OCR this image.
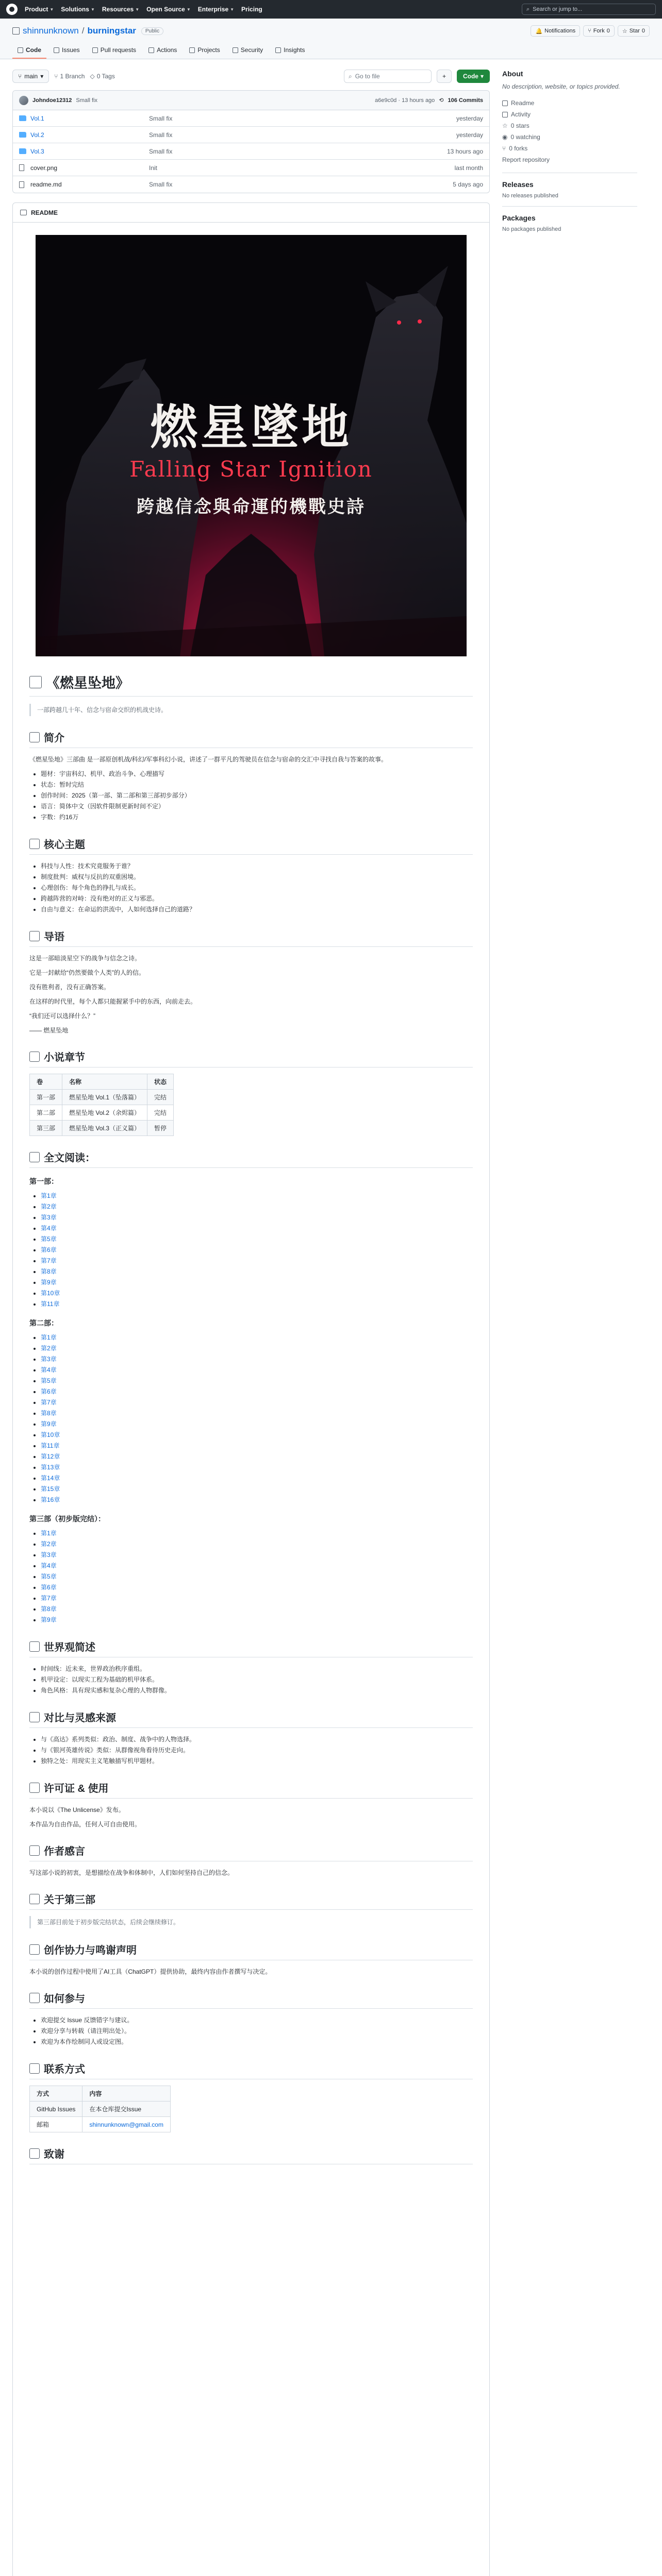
Product ▼ Solutions ▼ Resources ▼ Open Source ▼ Enterprise ▼ Pricing	⌕ Search or jump to...
shinnunknown / burningstar	Public	🔔 Notifications ⑂ Fork 0 ☆ Star 0
Code	Issues	Pull requests	Actions	Projects	Security	Insights
⑂ main ▾ ⑂ 1 Branch ◇ 0 Tags	⌕ Go to file	+	Code ▾
Johndoe12312 Small fix	a6e9c0d · 13 hours ago ⟲ 106 Commits
Vol.1	Small fix	yesterday
Vol.2	Small fix	yesterday
Vol.3	Small fix	13 hours ago
cover.png	Init	last month
readme.md	Small fix	5 days ago
README
燃星墜地
Falling Star Ignition
跨越信念與命運的機戰史詩
《燃星坠地》
一部跨越几十年、信念与宿命交织的机战史诗。
简介
《燃星坠地》三部曲 是一部原创机战/科幻/军事科幻小说，讲述了一群平凡的驾驶员在信念与宿命的交汇中寻找自我与答案的故事。
• 题材：宇宙科幻、机甲、政治斗争、心理描写
• 状态：暂时完结
• 创作时间：2025（第一部、第二部和第三部初步部分）
• 语言：简体中文（因软件限制更新时间不定）
• 字数：约16万
核心主题
• 科技与人性：技术究竟服务于谁？
• 制度批判：威权与反抗的双重困境。
• 心理创伤：每个角色的挣扎与成长。
• 跨越阵营的对峙：没有绝对的正义与邪恶。
• 自由与意义：在命运的洪流中，人如何选择自己的道路？
导语
这是一部暗淡星空下的战争与信念之诗。
它是一封献给“仍然要做个人类”的人的信。
没有胜利者，没有正确答案。
在这样的时代里，每个人都只能握紧手中的东西，向前走去。
“我们还可以选择什么？”
—— 燃星坠地
小说章节
卷	名称	状态
第一部	燃星坠地 Vol.1（坠落篇）	完结
第二部	燃星坠地 Vol.2（余烬篇）	完结
第三部	燃星坠地 Vol.3（正义篇）	暂停
全文阅读：
第一部：
• 第1章
• 第2章
• 第3章
• 第4章
• 第5章
• 第6章
• 第7章
• 第8章
• 第9章
• 第10章
• 第11章
第二部：
• 第1章
• 第2章
• 第3章
• 第4章
• 第5章
• 第6章
• 第7章
• 第8章
• 第9章
• 第10章
• 第11章
• 第12章
• 第13章
• 第14章
• 第15章
• 第16章
第三部（初步版完结）：
• 第1章
• 第2章
• 第3章
• 第4章
• 第5章
• 第6章
• 第7章
• 第8章
• 第9章
世界观简述
• 时间线：近未来，世界政治秩序重组。
• 机甲设定：以现实工程为基础的机甲体系。
• 角色风格：具有现实感和复杂心理的人物群像。
对比与灵感来源
• 与《高达》系列类似：政治、制度、战争中的人物选择。
• 与《银河英雄传说》类似：从群像视角看待历史走向。
• 独特之处：用现实主义笔触描写机甲题材。
许可证 & 使用
本小说以《The Unlicense》发布。
本作品为自由作品，任何人可自由使用。
作者感言
写这部小说的初衷，是想描绘在战争和体制中，人们如何坚持自己的信念。
关于第三部
第三部目前处于初步版完结状态，后续会继续修订。
创作协力与鸣谢声明
本小说的创作过程中使用了AI工具（ChatGPT）提供协助，最终内容由作者撰写与决定。
如何参与
• 欢迎提交 Issue 反馈错字与建议。
• 欢迎分享与转载（请注明出处）。
• 欢迎为本作绘制同人或设定图。
联系方式
方式	内容
GitHub Issues	在本仓库提交Issue
邮箱	shinnunknown@gmail.com
致谢
About
No description, website, or topics provided.
Readme
Activity
☆ 0 stars
◉ 0 watching
⑂ 0 forks
Report repository
Releases
No releases published
Packages
No packages published
